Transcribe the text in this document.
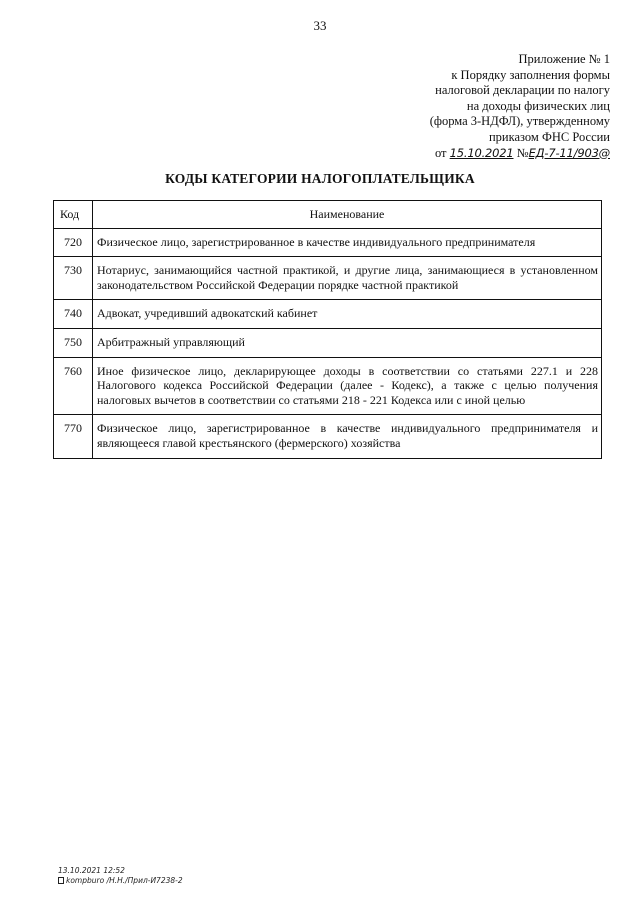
33
Приложение № 1
к Порядку заполнения формы
налоговой декларации по налогу
на доходы физических лиц
(форма 3-НДФЛ), утвержденному
приказом ФНС России
от 15.10.2021 №ЕД-7-11/903@
КОДЫ КАТЕГОРИИ НАЛОГОПЛАТЕЛЬЩИКА
Код	Наименование
720	Физическое лицо, зарегистрированное в качестве индивидуального предпринимателя
730	Нотариус, занимающийся частной практикой, и другие лица, занимающиеся в установленном законодательством Российской Федерации порядке частной практикой
740	Адвокат, учредивший адвокатский кабинет
750	Арбитражный управляющий
760	Иное физическое лицо, декларирующее доходы в соответствии со статьями 227.1 и 228 Налогового кодекса Российской Федерации (далее - Кодекс), а также с целью получения налоговых вычетов в соответствии со статьями 218 - 221 Кодекса или с иной целью
770	Физическое лицо, зарегистрированное в качестве индивидуального предпринимателя и являющееся главой крестьянского (фермерского) хозяйства
13.10.2021 12:52
kompburo /Н.Н./Прил-И7238-2
